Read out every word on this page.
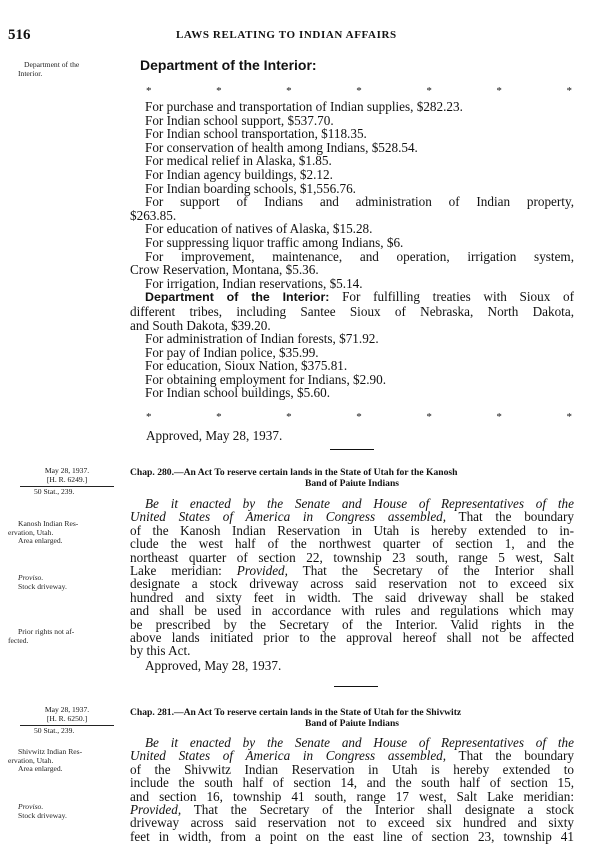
516	LAWS RELATING TO INDIAN AFFAIRS
Department of the
Interior.
May 28, 1937.
[H. R. 6249.]
50 Stat., 239.
Kanosh Indian Res-
ervation, Utah.
Area enlarged.
Proviso.
Stock driveway.
Prior rights not af-
fected.
May 28, 1937.
[H. R. 6250.]
50 Stat., 239.
Shivwitz Indian Res-
ervation, Utah.
Area enlarged.
Proviso.
Stock driveway.
Department of the Interior:
*	*	*	*	*	*	*

For purchase and transportation of Indian supplies, $282.23.

For Indian school support, $537.70.

For Indian school transportation, $118.35.

For conservation of health among Indians, $528.54.

For medical relief in Alaska, $1.85.

For Indian agency buildings, $2.12.

For Indian boarding schools, $1,556.76.

For support of Indians and administration of Indian property,

$263.85.

For education of natives of Alaska, $15.28.

For suppressing liquor traffic among Indians, $6.

For improvement, maintenance, and operation, irrigation system,

Crow Reservation, Montana, $5.36.

For irrigation, Indian reservations, $5.14.

Department of the Interior: For fulfilling treaties with Sioux of

different tribes, including Santee Sioux of Nebraska, North Dakota,

and South Dakota, $39.20.

For administration of Indian forests, $71.92.

For pay of Indian police, $35.99.

For education, Sioux Nation, $375.81.

For obtaining employment for Indians, $2.90.

For Indian school buildings, $5.60.

*	*	*	*	*	*	*
Approved, May 28, 1937.
Chap. 280.—An Act To reserve certain lands in the State of Utah for the Kanosh
Band of Paiute Indians

Be it enacted by the Senate and House of Representatives of the

United States of America in Congress assembled, That the boundary

of the Kanosh Indian Reservation in Utah is hereby extended to in-

clude the west half of the northwest quarter of section 1, and the

northeast quarter of section 22, township 23 south, range 5 west, Salt

Lake meridian: Provided, That the Secretary of the Interior shall

designate a stock driveway across said reservation not to exceed six

hundred and sixty feet in width. The said driveway shall be staked

and shall be used in accordance with rules and regulations which may

be prescribed by the Secretary of the Interior. Valid rights in the

above lands initiated prior to the approval hereof shall not be affected

by this Act.

Approved, May 28, 1937.

Chap. 281.—An Act To reserve certain lands in the State of Utah for the Shivwitz
Band of Paiute Indians

Be it enacted by the Senate and House of Representatives of the

United States of America in Congress assembled, That the boundary

of the Shivwitz Indian Reservation in Utah is hereby extended to

include the south half of section 14, and the south half of section 15,

and section 16, township 41 south, range 17 west, Salt Lake meridian:

Provided, That the Secretary of the Interior shall designate a stock

driveway across said reservation not to exceed six hundred and sixty

feet in width, from a point on the east line of section 23, township 41
